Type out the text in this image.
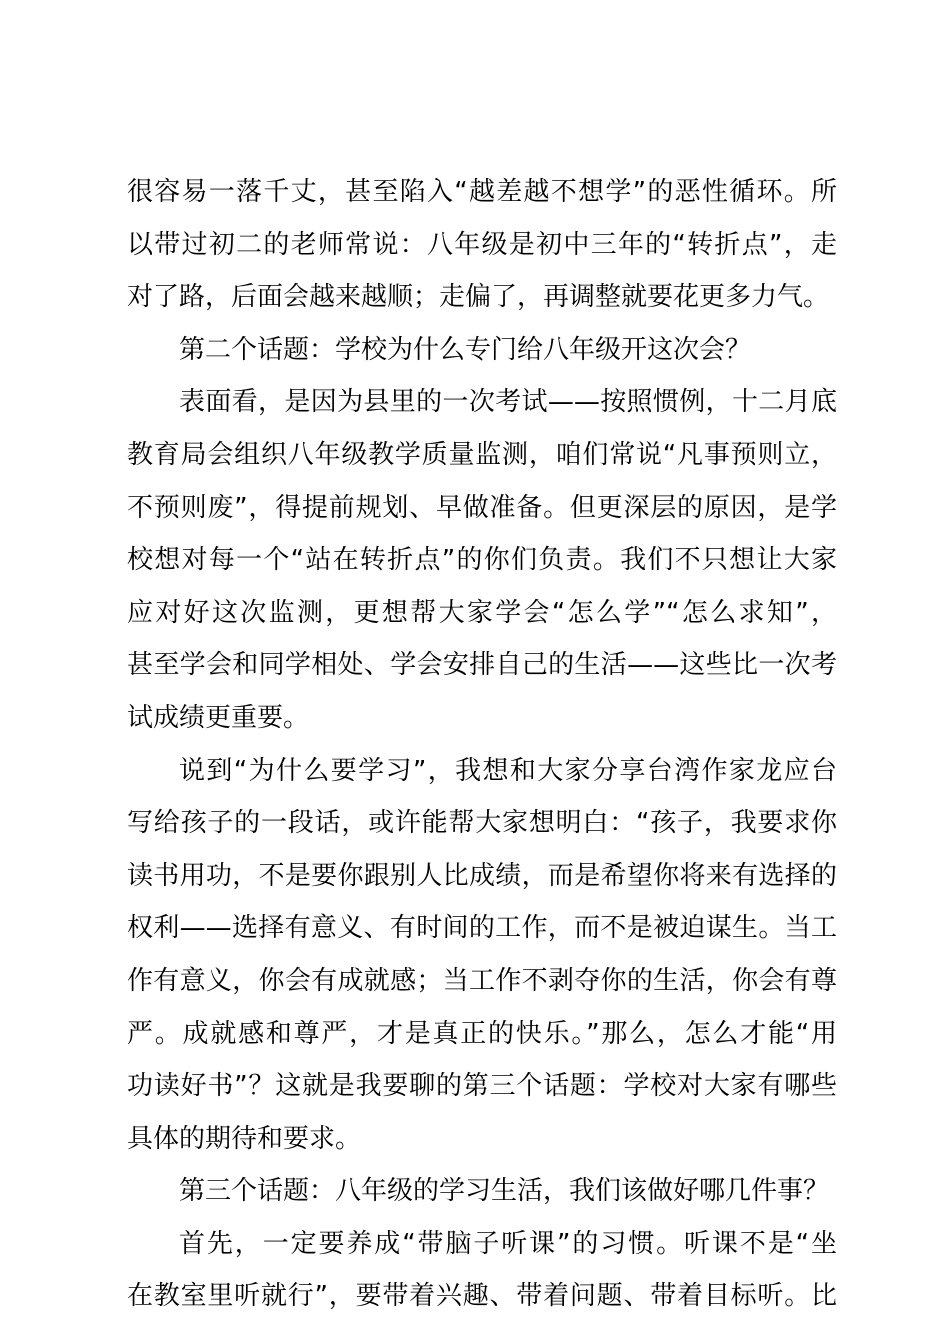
很容易一落千丈，甚至陷入“越差越不想学”的恶性循环。所
以带过初二的老师常说：八年级是初中三年的“转折点”，走
对了路，后面会越来越顺；走偏了，再调整就要花更多力气。
第二个话题：学校为什么专门给八年级开这次会？
表面看，是因为县里的一次考试——按照惯例，十二月底
教育局会组织八年级教学质量监测，咱们常说“凡事预则立，
不预则废”，得提前规划、早做准备。但更深层的原因，是学
校想对每一个“站在转折点”的你们负责。我们不只想让大家
应对好这次监测，更想帮大家学会“怎么学”“怎么求知”，
甚至学会和同学相处、学会安排自己的生活——这些比一次考
试成绩更重要。
说到“为什么要学习”，我想和大家分享台湾作家龙应台
写给孩子的一段话，或许能帮大家想明白：“孩子，我要求你
读书用功，不是要你跟别人比成绩，而是希望你将来有选择的
权利——选择有意义、有时间的工作，而不是被迫谋生。当工
作有意义，你会有成就感；当工作不剥夺你的生活，你会有尊
严。成就感和尊严，才是真正的快乐。”那么，怎么才能“用
功读好书”？这就是我要聊的第三个话题：学校对大家有哪些
具体的期待和要求。
第三个话题：八年级的学习生活，我们该做好哪几件事？
首先，一定要养成“带脑子听课”的习惯。听课不是“坐
在教室里听就行”，要带着兴趣、带着问题、带着目标听。比
